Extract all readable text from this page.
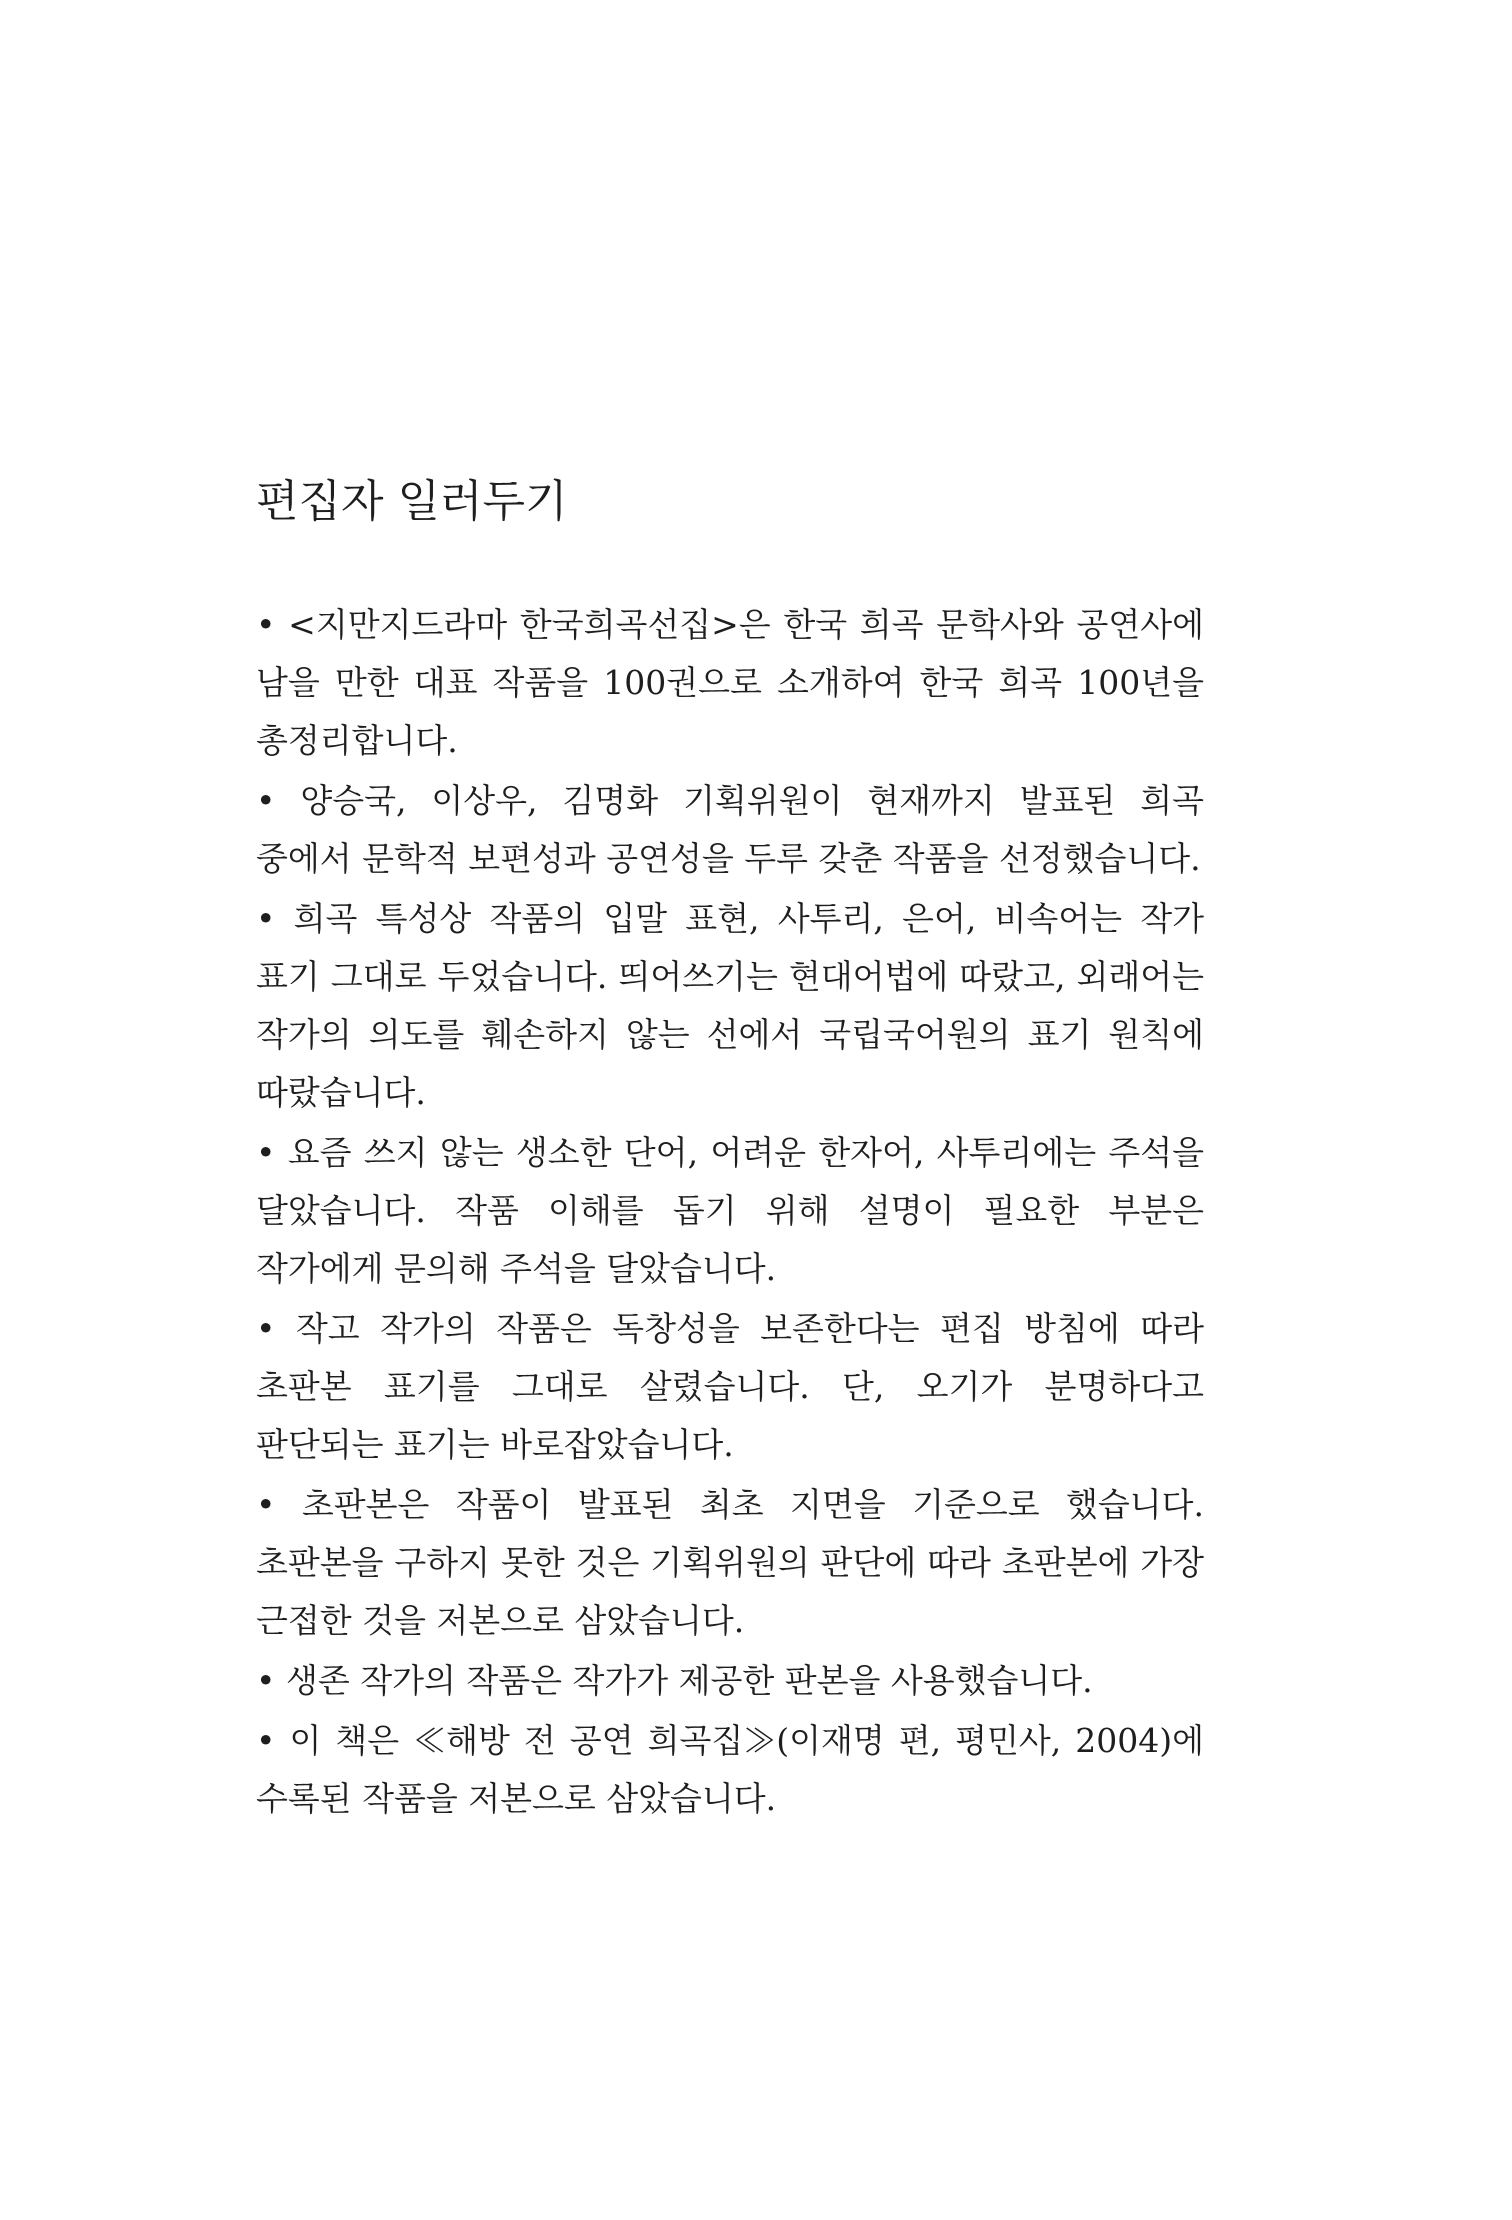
편집자 일러두기
• <지만지드라마 한국희곡선집>은 한국 희곡 문학사와 공연사에 남을 만한 대표 작품을 100권으로 소개하여 한국 희곡 100년을 총정리합니다.
• 양승국, 이상우, 김명화 기획위원이 현재까지 발표된 희곡 중에서 문학적 보편성과 공연성을 두루 갖춘 작품을 선정했습니다.
• 희곡 특성상 작품의 입말 표현, 사투리, 은어, 비속어는 작가 표기 그대로 두었습니다. 띄어쓰기는 현대어법에 따랐고, 외래어는 작가의 의도를 훼손하지 않는 선에서 국립국어원의 표기 원칙에 따랐습니다.
• 요즘 쓰지 않는 생소한 단어, 어려운 한자어, 사투리에는 주석을 달았습니다. 작품 이해를 돕기 위해 설명이 필요한 부분은 작가에게 문의해 주석을 달았습니다.
• 작고 작가의 작품은 독창성을 보존한다는 편집 방침에 따라 초판본 표기를 그대로 살렸습니다. 단, 오기가 분명하다고 판단되는 표기는 바로잡았습니다.
• 초판본은 작품이 발표된 최초 지면을 기준으로 했습니다. 초판본을 구하지 못한 것은 기획위원의 판단에 따라 초판본에 가장 근접한 것을 저본으로 삼았습니다.
• 생존 작가의 작품은 작가가 제공한 판본을 사용했습니다.
• 이 책은 ≪해방 전 공연 희곡집≫(이재명 편, 평민사, 2004)에 수록된 작품을 저본으로 삼았습니다.
